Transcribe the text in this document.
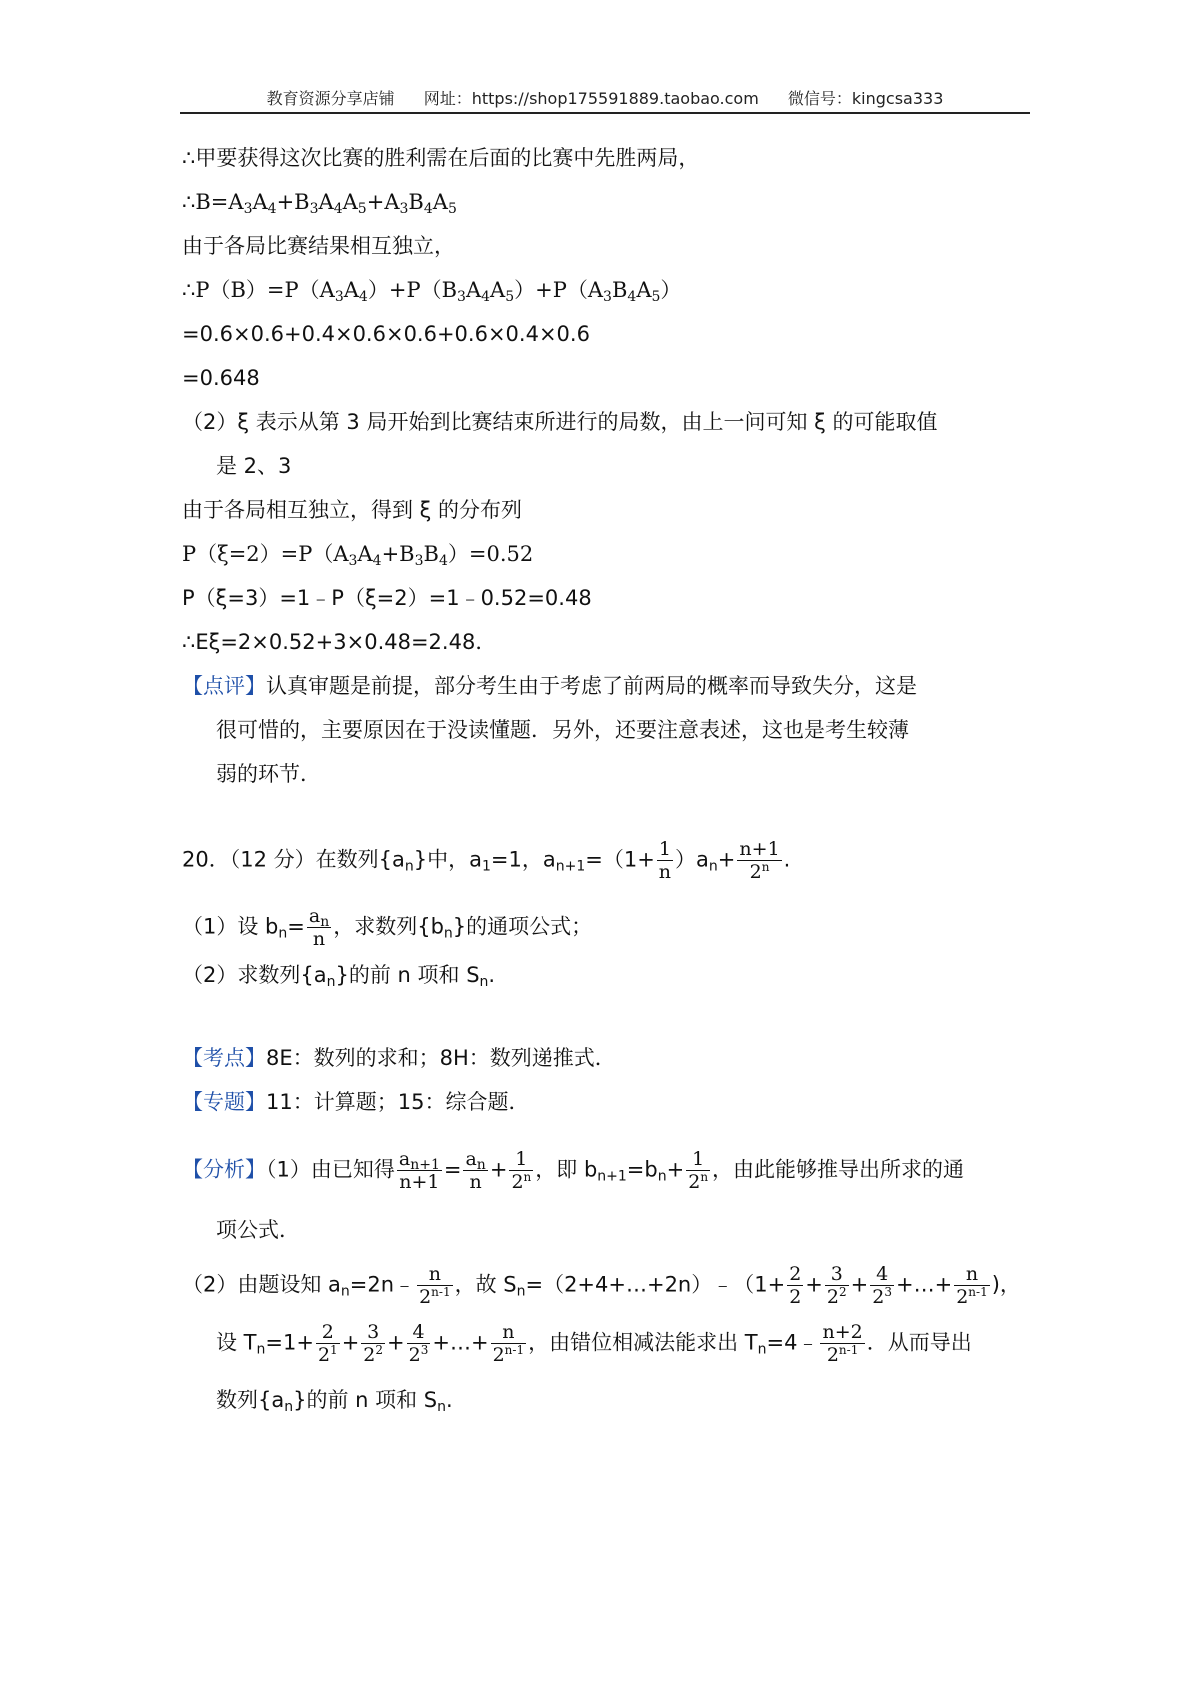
教育资源分享店铺 网址：https://shop175591889.taobao.com 微信号：kingcsa333
∴甲要获得这次比赛的胜利需在后面的比赛中先胜两局，
$\therefore B=A_3A_4+B_3A_4A_5+A_3B_4A_5$
由于各局比赛结果相互独立，
$\therefore P(B)=P(A_3A_4)+P(B_3A_4A_5)+P(A_3B_4A_5)$
=0.6×0.6+0.4×0.6×0.6+0.6×0.4×0.6
=0.648
（2）ξ 表示从第 3 局开始到比赛结束所进行的局数，由上一问可知 ξ 的可能取值
是 2、3
由于各局相互独立，得到 ξ 的分布列
$P(\xi=2)=P(A_3A_4+B_3B_4)=0.52$
P（ξ=3）=1﹣P（ξ=2）=1﹣0.52=0.48
∴Eξ=2×0.52+3×0.48=2.48．
【点评】认真审题是前提，部分考生由于考虑了前两局的概率而导致失分，这是
很可惜的，主要原因在于没读懂题．另外，还要注意表述，这也是考生较薄
弱的环节．
20．（12 分）在数列$\{a_n\}$中，$a_1=1$，$a_{n+1}=(1+ \frac{1}{n} )a_n+ \frac{n+1}{2^n}$ .
（1）设 $b_n= \frac{a_n}{n}$ ，求数列$\{b_n\}$的通项公式；
（2）求数列$\{a_n\}$的前 n 项和 $S_n$.
【考点】8E：数列的求和；8H：数列递推式．
【专题】11：计算题；15：综合题．
【分析】（1）由已知得 $\frac{a_{n+1}}{n+1} = \frac{a_n}{n} + \frac{1}{2^n}$ ，即 $b_{n+1}=b_n+ \frac{1}{2^n}$ ，由此能够推导出所求的通
项公式．
（2）由题设知 $a_n=2n﹣ \frac{n}{2^{n-1}}$ ，故 $S_n=(2+4+\dots+2n)﹣(1+ \frac{2}{2} + \frac{3}{2^2} + \frac{4}{2^3}$ +…+ $\frac{n}{2^{n-1}}$ )，
设 $T_n=1+ \frac{2}{2^1} + \frac{3}{2^2} + \frac{4}{2^3}$ +…+ $\frac{n}{2^{n-1}}$ ，由错位相减法能求出 $T_n=4﹣ \frac{n+2}{2^{n-1}}$ ．从而导出
数列$\{a_n\}$的前 n 项和 $S_n$.
